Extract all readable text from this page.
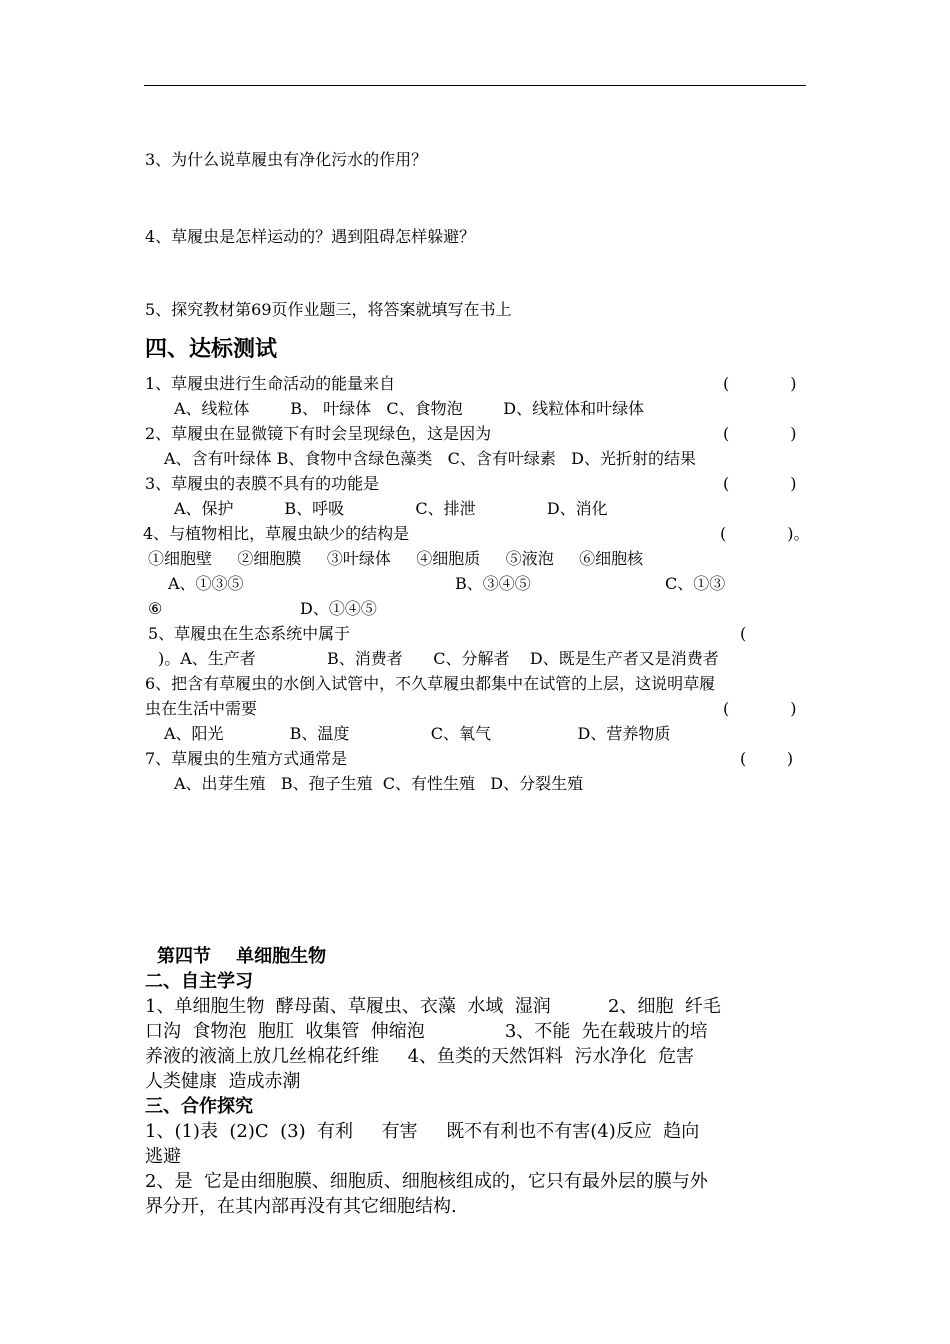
3、为什么说草履虫有净化污水的作用？
4、草履虫是怎样运动的？遇到阻碍怎样躲避？
5、探究教材第69页作业题三，将答案就填写在书上
四、达标测试
1、草履虫进行生命活动的能量来自	(            )
A、线粒体        B、 叶绿体   C、食物泡        D、线粒体和叶绿体
2、草履虫在显微镜下有时会呈现绿色，这是因为	(            )
A、含有叶绿体 B、食物中含绿色藻类   C、含有叶绿素   D、光折射的结果
3、草履虫的表膜不具有的功能是	(            )
A、保护          B、呼吸              C、排泄              D、消化
4、与植物相比，草履虫缺少的结构是	(            )。
①细胞壁     ②细胞膜     ③叶绿体     ④细胞质     ⑤液泡     ⑥细胞核
A、①③⑤	B、③④⑤	C、①③
⑥	D、①④⑤
5、草履虫在生态系统中属于	(
)。A、生产者              B、消费者      C、分解者    D、既是生产者又是消费者
6、把含有草履虫的水倒入试管中，不久草履虫都集中在试管的上层，这说明草履
虫在生活中需要	(            )
A、阳光             B、温度                C、氧气                 D、营养物质
7、草履虫的生殖方式通常是	(        )
A、出芽生殖   B、孢子生殖  C、有性生殖   D、分裂生殖
第四节    单细胞生物
二、自主学习
1、单细胞生物  酵母菌、草履虫、衣藻  水域  湿润          2、细胞  纤毛
口沟  食物泡  胞肛  收集管  伸缩泡              3、不能  先在载玻片的培
养液的液滴上放几丝棉花纤维     4、鱼类的天然饵料  污水净化  危害
人类健康  造成赤潮
三、合作探究
1、(1)表  (2)C  (3)  有利     有害     既不有利也不有害(4)反应  趋向
逃避
2、是  它是由细胞膜、细胞质、细胞核组成的，它只有最外层的膜与外
界分开，在其内部再没有其它细胞结构.
